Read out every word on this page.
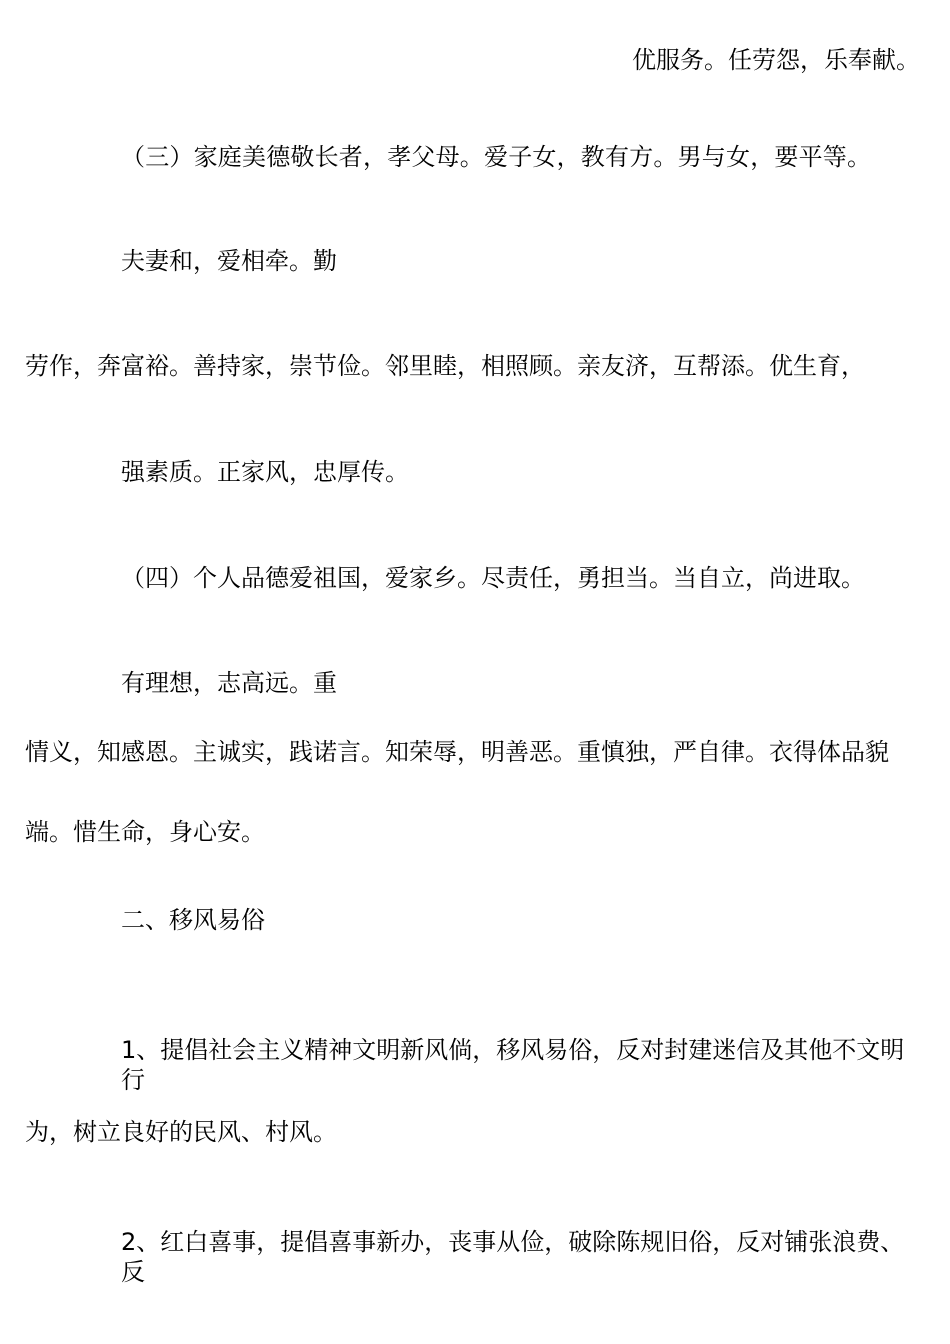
优服务。任劳怨，乐奉献。
（三）家庭美德敬长者，孝父母。爱子女，教有方。男与女，要平等。
夫妻和，爱相牵。勤
劳作，奔富裕。善持家，崇节俭。邻里睦，相照顾。亲友济，互帮添。优生育，
强素质。正家风，忠厚传。
（四）个人品德爱祖国，爱家乡。尽责任，勇担当。当自立，尚进取。
有理想，志高远。重
情义，知感恩。主诚实，践诺言。知荣辱，明善恶。重慎独，严自律。衣得体品貌
端。惜生命，身心安。
二、移风易俗
1、提倡社会主义精神文明新风倘，移风易俗，反对封建迷信及其他不文明行
为，树立良好的民风、村风。
2、红白喜事，提倡喜事新办，丧事从俭，破除陈规旧俗，反对铺张浪费、反
